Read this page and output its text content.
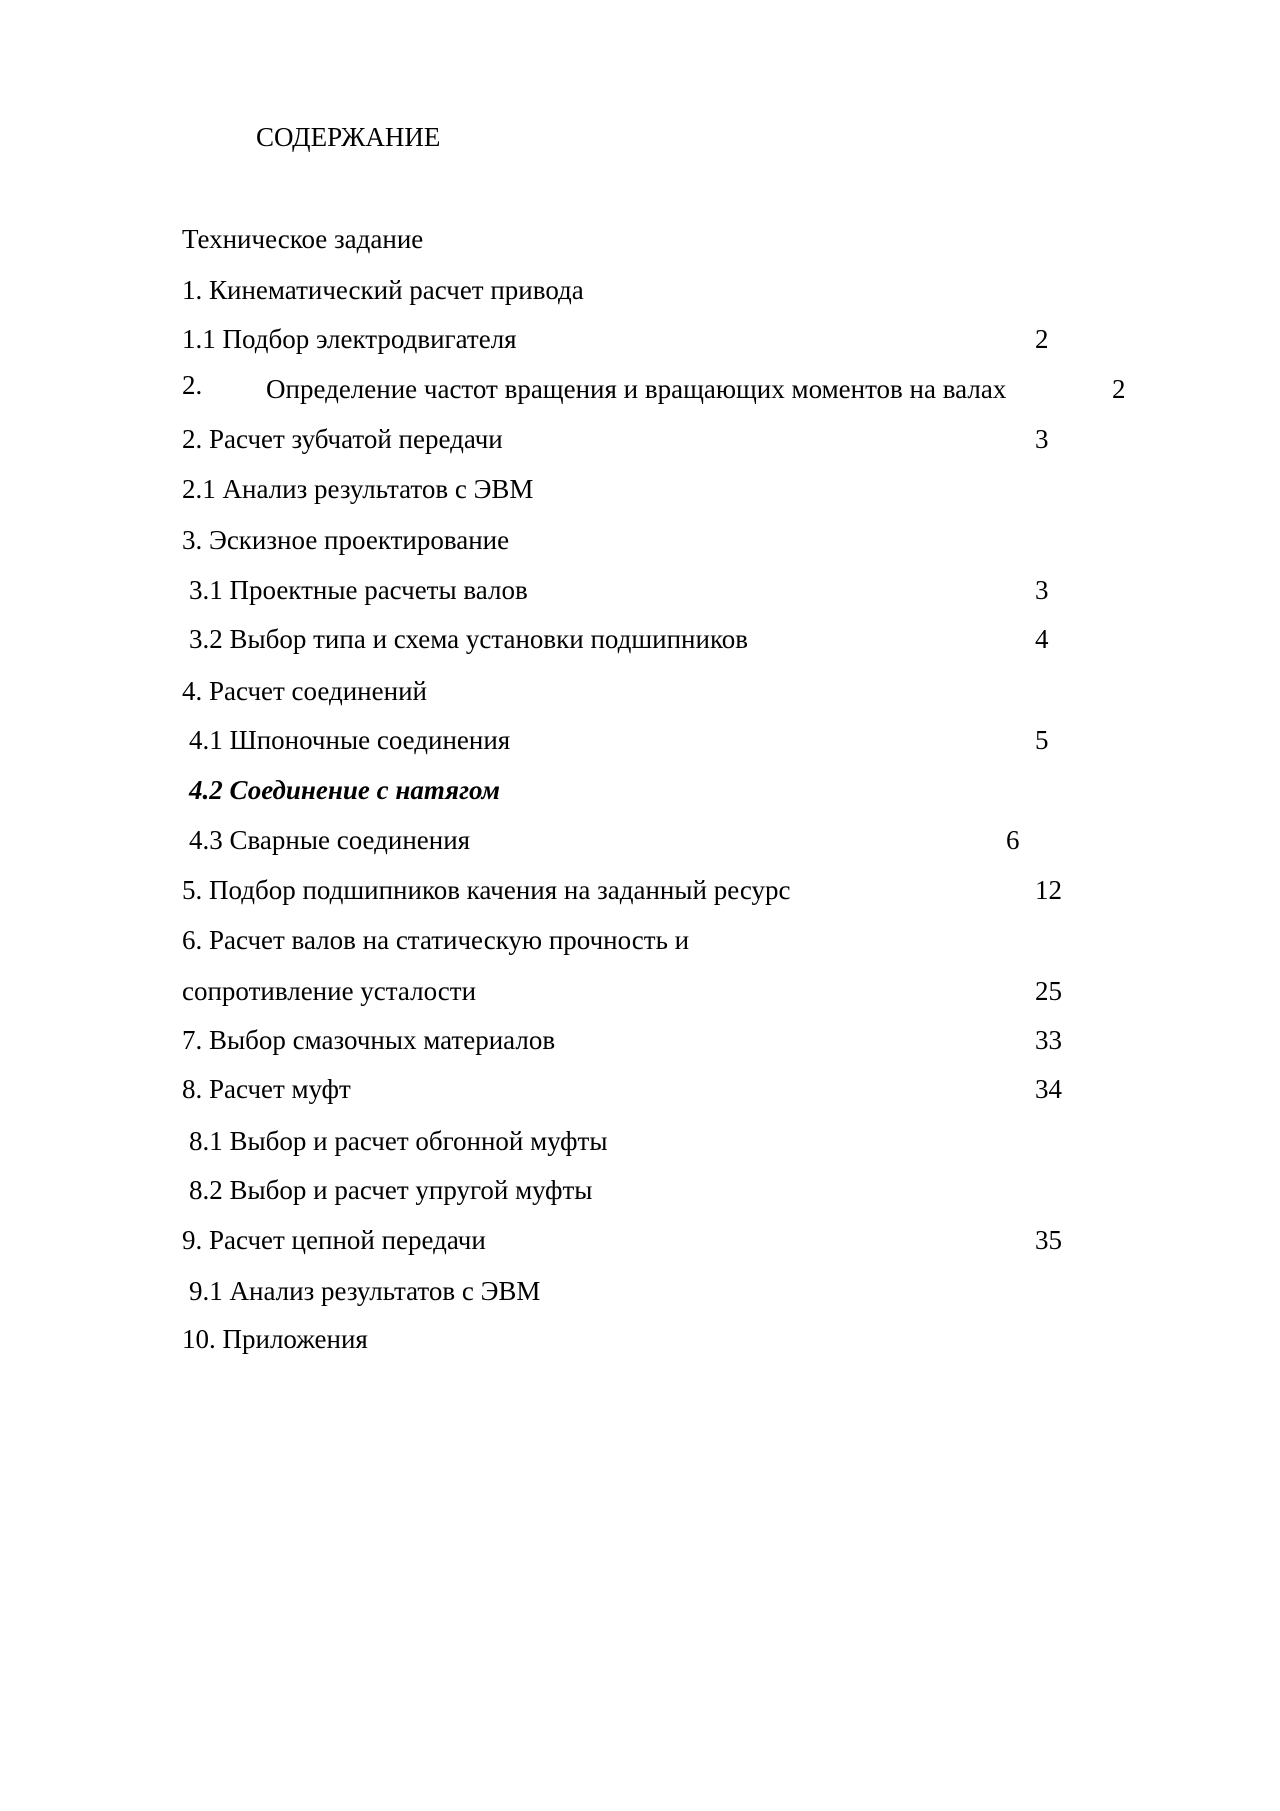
СОДЕРЖАНИЕ
Техническое задание
1. Кинематический расчет привода
1.1 Подбор электродвигателя	2
2. Определение частот вращения и вращающих моментов на валах	2
2. Расчет зубчатой передачи	3
2.1 Анализ результатов с ЭВМ
3. Эскизное проектирование
3.1 Проектные расчеты валов	3
3.2 Выбор типа и схема установки подшипников	4
4. Расчет соединений
4.1 Шпоночные соединения	5
4.2 Соединение с натягом
4.3 Сварные соединения	6
5. Подбор подшипников качения на заданный ресурс	12
6. Расчет валов на статическую прочность и
сопротивление усталости	25
7. Выбор смазочных материалов	33
8. Расчет муфт	34
8.1 Выбор и расчет обгонной муфты
8.2 Выбор и расчет упругой муфты
9. Расчет цепной передачи	35
9.1 Анализ результатов с ЭВМ
10. Приложения
